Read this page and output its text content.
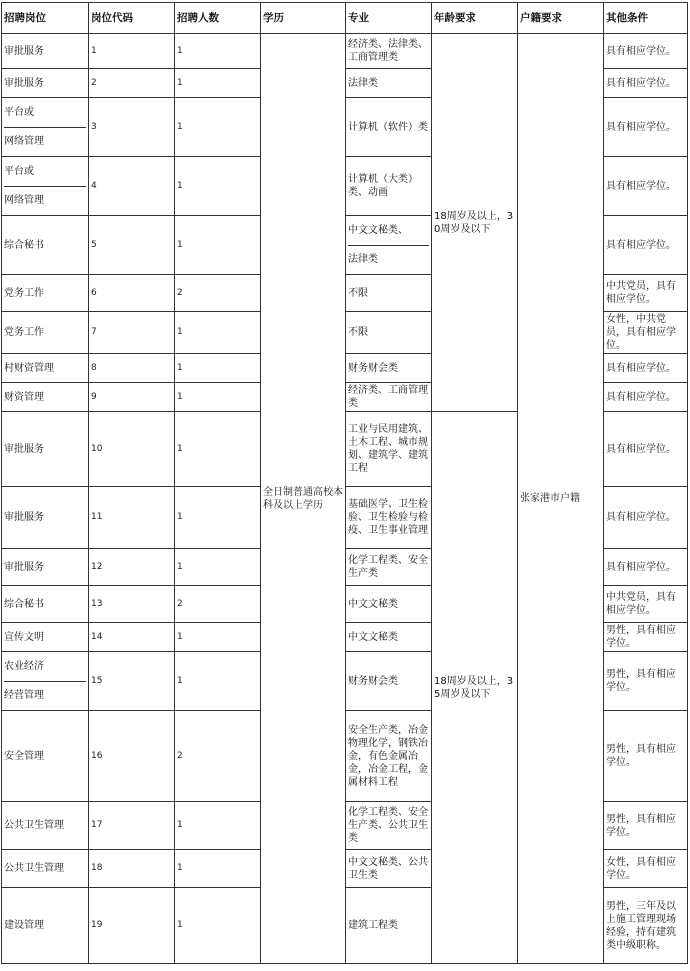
招聘岗位	岗位代码	招聘人数	学历	专业	年龄要求	户籍要求	其他条件
审批服务	1	1	全日制普通高校本科及以上学历	经济类、法律类、工商管理类	18周岁及以上，30周岁及以下	张家港市户籍	具有相应学位。
审批服务	2	1		法律类			具有相应学位。

平台或
网络管理	3	1		计算机（软件）类			具有相应学位。

平台或
网络管理	4	1		计算机（大类）类、动画			具有相应学位。
综合秘书	5	1		中文文秘类、
法律类			具有相应学位。
党务工作	6	2		不限			中共党员，具有相应学位。
党务工作	7	1		不限			女性，中共党员，具有相应学位。
村财资管理	8	1		财务财会类			具有相应学位。
财资管理	9	1		经济类、工商管理类			具有相应学位。
审批服务	10	1		工业与民用建筑、土木工程、城市规划、建筑学、建筑工程	18周岁及以上，35周岁及以下		具有相应学位。
审批服务	11	1		基础医学、卫生检验、卫生检验与检疫、卫生事业管理			具有相应学位。
审批服务	12	1		化学工程类、安全生产类			具有相应学位。
综合秘书	13	2		中文文秘类			中共党员，具有相应学位。
宣传文明	14	1		中文文秘类			男性，具有相应学位。

农业经济
经营管理	15	1		财务财会类			男性，具有相应学位。
安全管理	16	2		安全生产类，冶金物理化学，钢铁冶金，有色金属冶金，冶金工程，金属材料工程			男性，具有相应学位。
公共卫生管理	17	1		化学工程类、安全生产类、公共卫生类			男性，具有相应学位。
公共卫生管理	18	1		中文文秘类、公共卫生类			女性，具有相应学位。
建设管理	19	1		建筑工程类			男性，三年及以上施工管理现场经验，持有建筑类中级职称。
